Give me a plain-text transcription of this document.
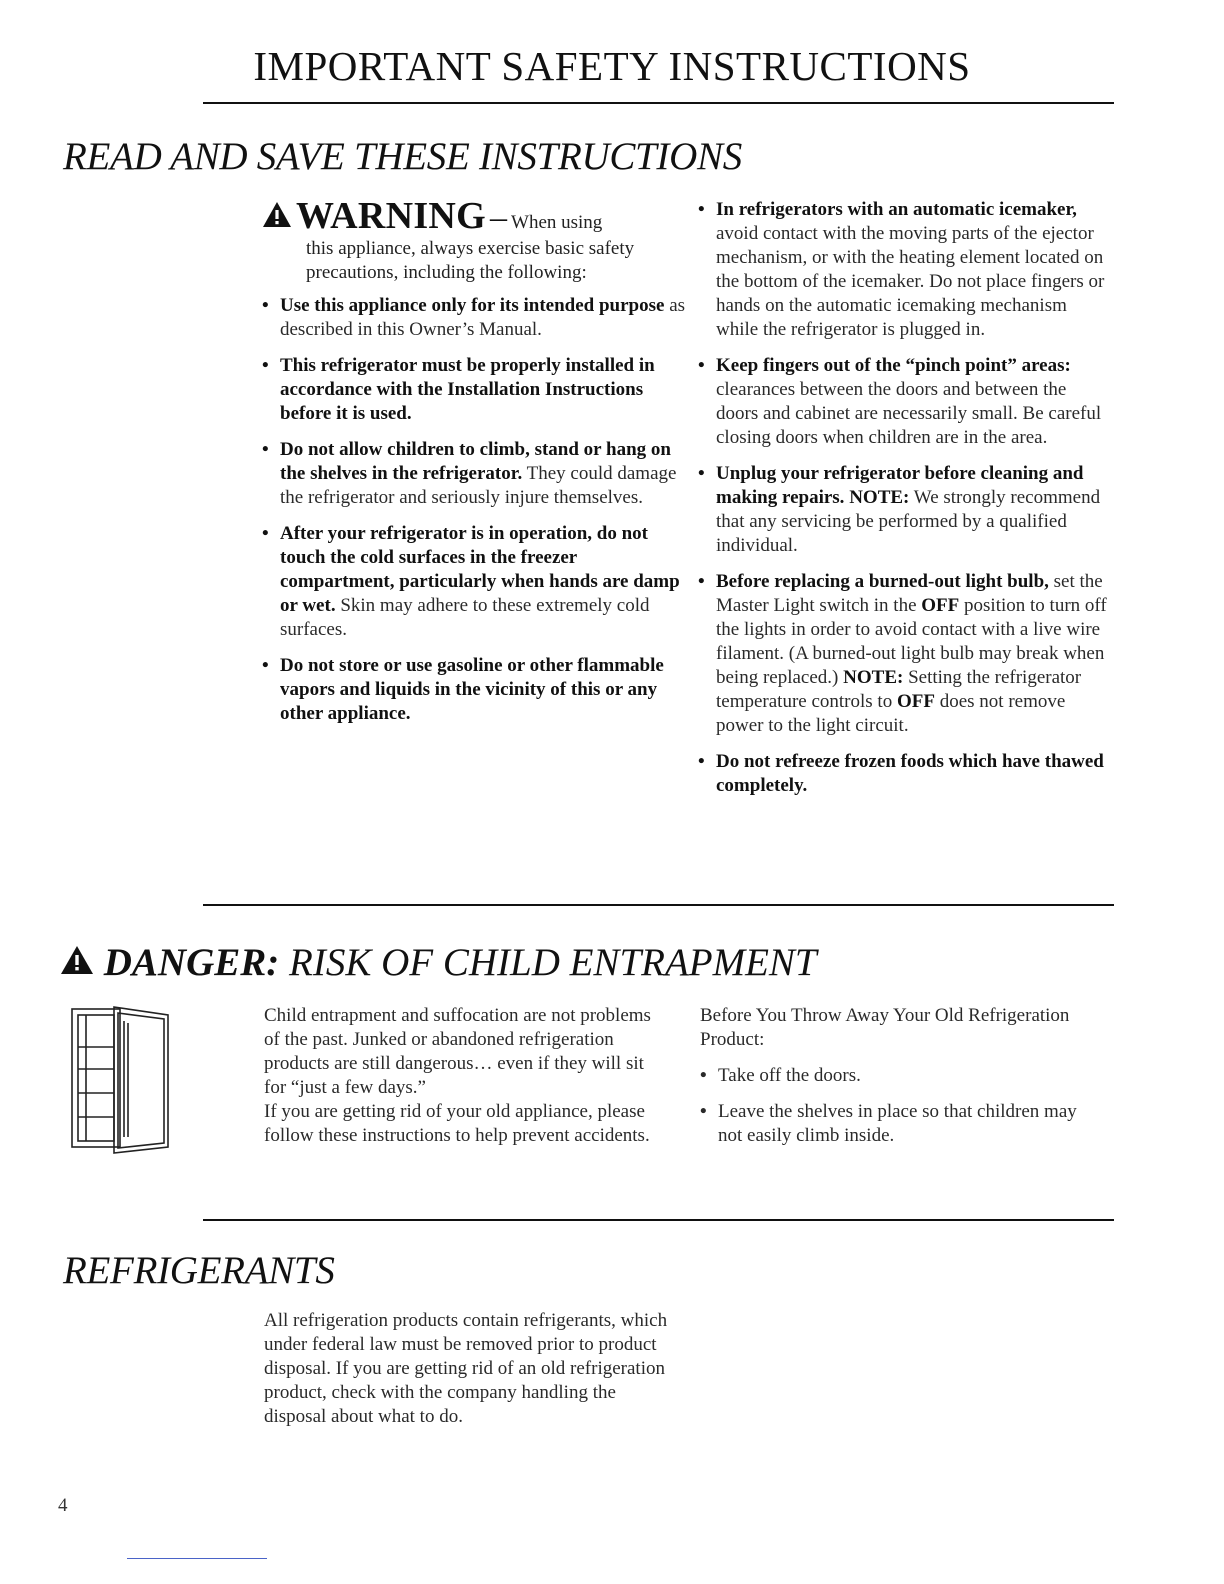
IMPORTANT SAFETY INSTRUCTIONS
READ AND SAVE THESE INSTRUCTIONS

WARNING – When using

this appliance, always exercise basic safety precautions, including the following:
• Use this appliance only for its intended purpose as described in this Owner’s Manual.
• This refrigerator must be properly installed in accordance with the Installation Instructions before it is used.
• Do not allow children to climb, stand or hang on the shelves in the refrigerator. They could damage the refrigerator and seriously injure themselves.
• After your refrigerator is in operation, do not touch the cold surfaces in the freezer compartment, particularly when hands are damp or wet. Skin may adhere to these extremely cold surfaces.
• Do not store or use gasoline or other flammable vapors and liquids in the vicinity of this or any other appliance.
• In refrigerators with an automatic icemaker, avoid contact with the moving parts of the ejector mechanism, or with the heating element located on the bottom of the icemaker. Do not place fingers or hands on the automatic icemaking mechanism while the refrigerator is plugged in.
• Keep fingers out of the “pinch point” areas: clearances between the doors and between the doors and cabinet are necessarily small. Be careful closing doors when children are in the area.
• Unplug your refrigerator before cleaning and making repairs. NOTE: We strongly recommend that any servicing be performed by a qualified individual.
• Before replacing a burned-out light bulb, set the Master Light switch in the OFF position to turn off the lights in order to avoid contact with a live wire filament. (A burned-out light bulb may break when being replaced.) NOTE: Setting the refrigerator temperature controls to OFF does not remove power to the light circuit.
• Do not refreeze frozen foods which have thawed completely.
DANGER: RISK OF CHILD ENTRAPMENT

Child entrapment and suffocation are not problems of the past. Junked or abandoned refrigeration products are still dangerous… even if they will sit for “just a few days.”

If you are getting rid of your old appliance, please follow these instructions to help prevent accidents.

Before You Throw Away Your Old Refrigeration Product:

• Take off the doors.
• Leave the shelves in place so that children may not easily climb inside.
REFRIGERANTS

All refrigeration products contain refrigerants, which under federal law must be removed prior to product disposal. If you are getting rid of an old refrigeration product, check with the company handling the disposal about what to do.

4
